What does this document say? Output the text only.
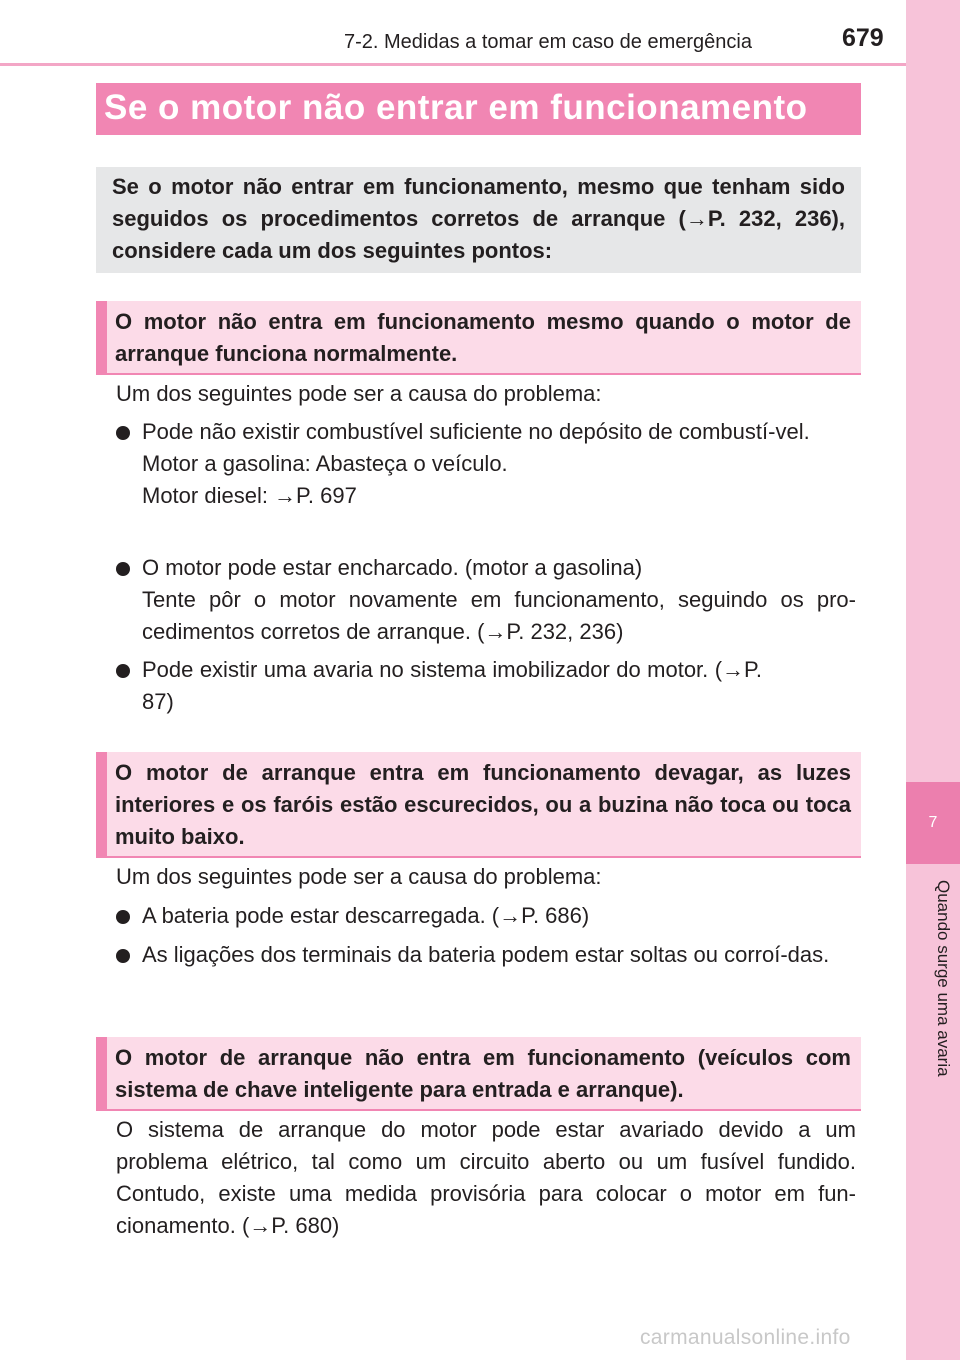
7-2. Medidas a tomar em caso de emergência	679
7
Quando surge uma avaria
Se o motor não entrar em funcionamento

Se o motor não entrar em funcionamento, mesmo que tenham sido seguidos os procedimentos corretos de arranque (→P. 232, 236), considere cada um dos seguintes pontos:

O motor não entra em funcionamento mesmo quando o motor de arranque funciona normalmente.

Um dos seguintes pode ser a causa do problema:

Pode não existir combustível suficiente no depósito de combustí-vel.
Motor a gasolina: Abasteça o veículo.
Motor diesel: →P. 697
O motor pode estar encharcado. (motor a gasolina)
Tente pôr o motor novamente em funcionamento, seguindo os pro-cedimentos corretos de arranque. (→P. 232, 236)
Pode existir uma avaria no sistema imobilizador do motor. (→P. 87)

O motor de arranque entra em funcionamento devagar, as luzes interiores e os faróis estão escurecidos, ou a buzina não toca ou toca muito baixo.

Um dos seguintes pode ser a causa do problema:

A bateria pode estar descarregada. (→P. 686)
As ligações dos terminais da bateria podem estar soltas ou corroí-das.

O motor de arranque não entra em funcionamento (veículos com sistema de chave inteligente para entrada e arranque).

O sistema de arranque do motor pode estar avariado devido a um problema elétrico, tal como um circuito aberto ou um fusível fundido. Contudo, existe uma medida provisória para colocar o motor em fun-cionamento. (→P. 680)

carmanualsonline.info
